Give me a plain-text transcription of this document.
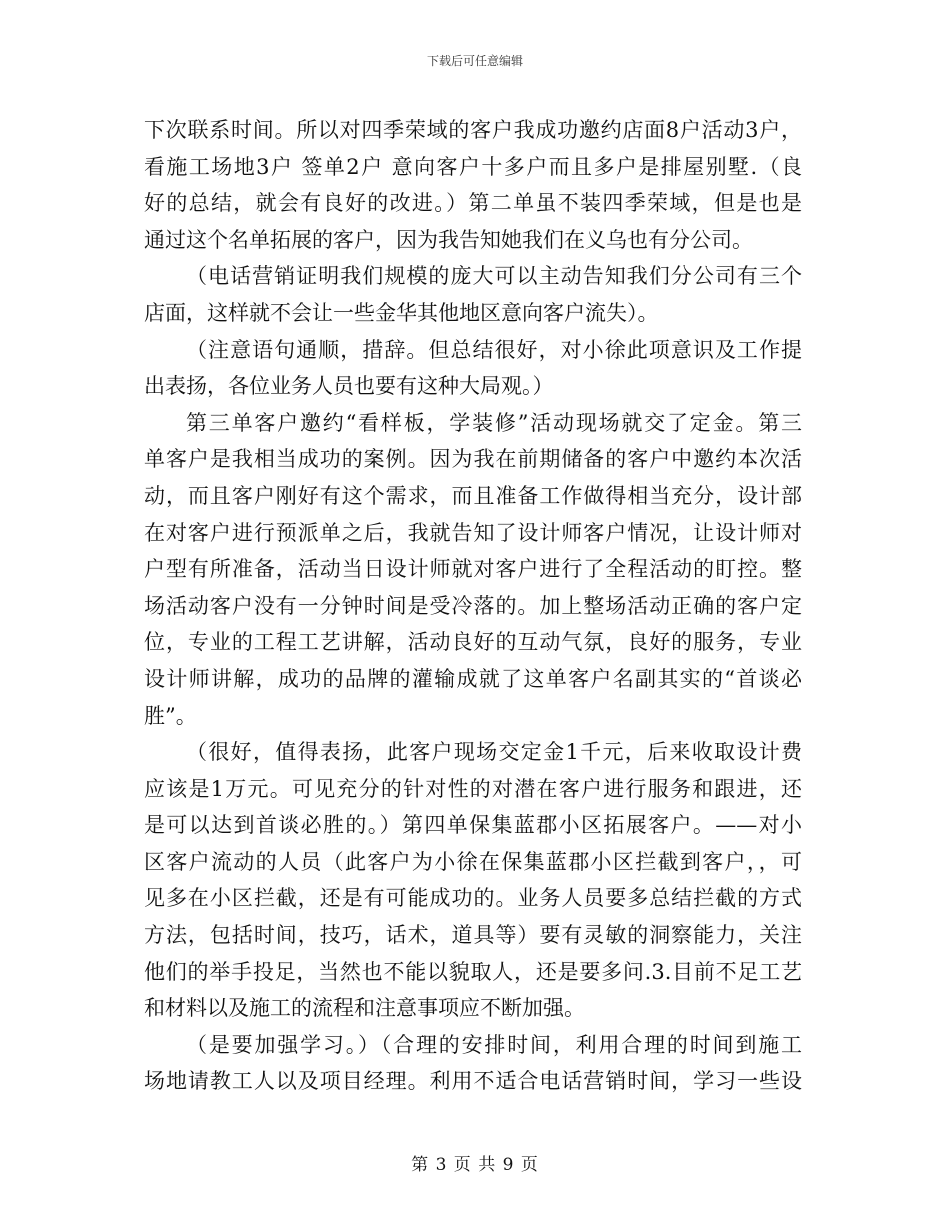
下载后可任意编辑
下次联系时间。所以对四季荣域的客户我成功邀约店面8户活动3户，
看施工场地3户 签单2户 意向客户十多户而且多户是排屋别墅.（良
好的总结，就会有良好的改进。）第二单虽不装四季荣域，但是也是
通过这个名单拓展的客户，因为我告知她我们在义乌也有分公司。
（电话营销证明我们规模的庞大可以主动告知我们分公司有三个
店面，这样就不会让一些金华其他地区意向客户流失）。
（注意语句通顺，措辞。但总结很好，对小徐此项意识及工作提
出表扬，各位业务人员也要有这种大局观。）
第三单客户邀约“看样板，学装修”活动现场就交了定金。第三
单客户是我相当成功的案例。因为我在前期储备的客户中邀约本次活
动，而且客户刚好有这个需求，而且准备工作做得相当充分，设计部
在对客户进行预派单之后，我就告知了设计师客户情况，让设计师对
户型有所准备，活动当日设计师就对客户进行了全程活动的盯控。整
场活动客户没有一分钟时间是受冷落的。加上整场活动正确的客户定
位，专业的工程工艺讲解，活动良好的互动气氛，良好的服务，专业
设计师讲解，成功的品牌的灌输成就了这单客户名副其实的“首谈必
胜”。
（很好，值得表扬，此客户现场交定金1千元，后来收取设计费
应该是1万元。可见充分的针对性的对潜在客户进行服务和跟进，还
是可以达到首谈必胜的。）第四单保集蓝郡小区拓展客户。——对小
区客户流动的人员（此客户为小徐在保集蓝郡小区拦截到客户，，可
见多在小区拦截，还是有可能成功的。业务人员要多总结拦截的方式
方法，包括时间，技巧，话术，道具等）要有灵敏的洞察能力，关注
他们的举手投足，当然也不能以貌取人，还是要多问.3.目前不足工艺
和材料以及施工的流程和注意事项应不断加强。
（是要加强学习。）（合理的安排时间，利用合理的时间到施工
场地请教工人以及项目经理。利用不适合电话营销时间，学习一些设
第 3 页 共 9 页
